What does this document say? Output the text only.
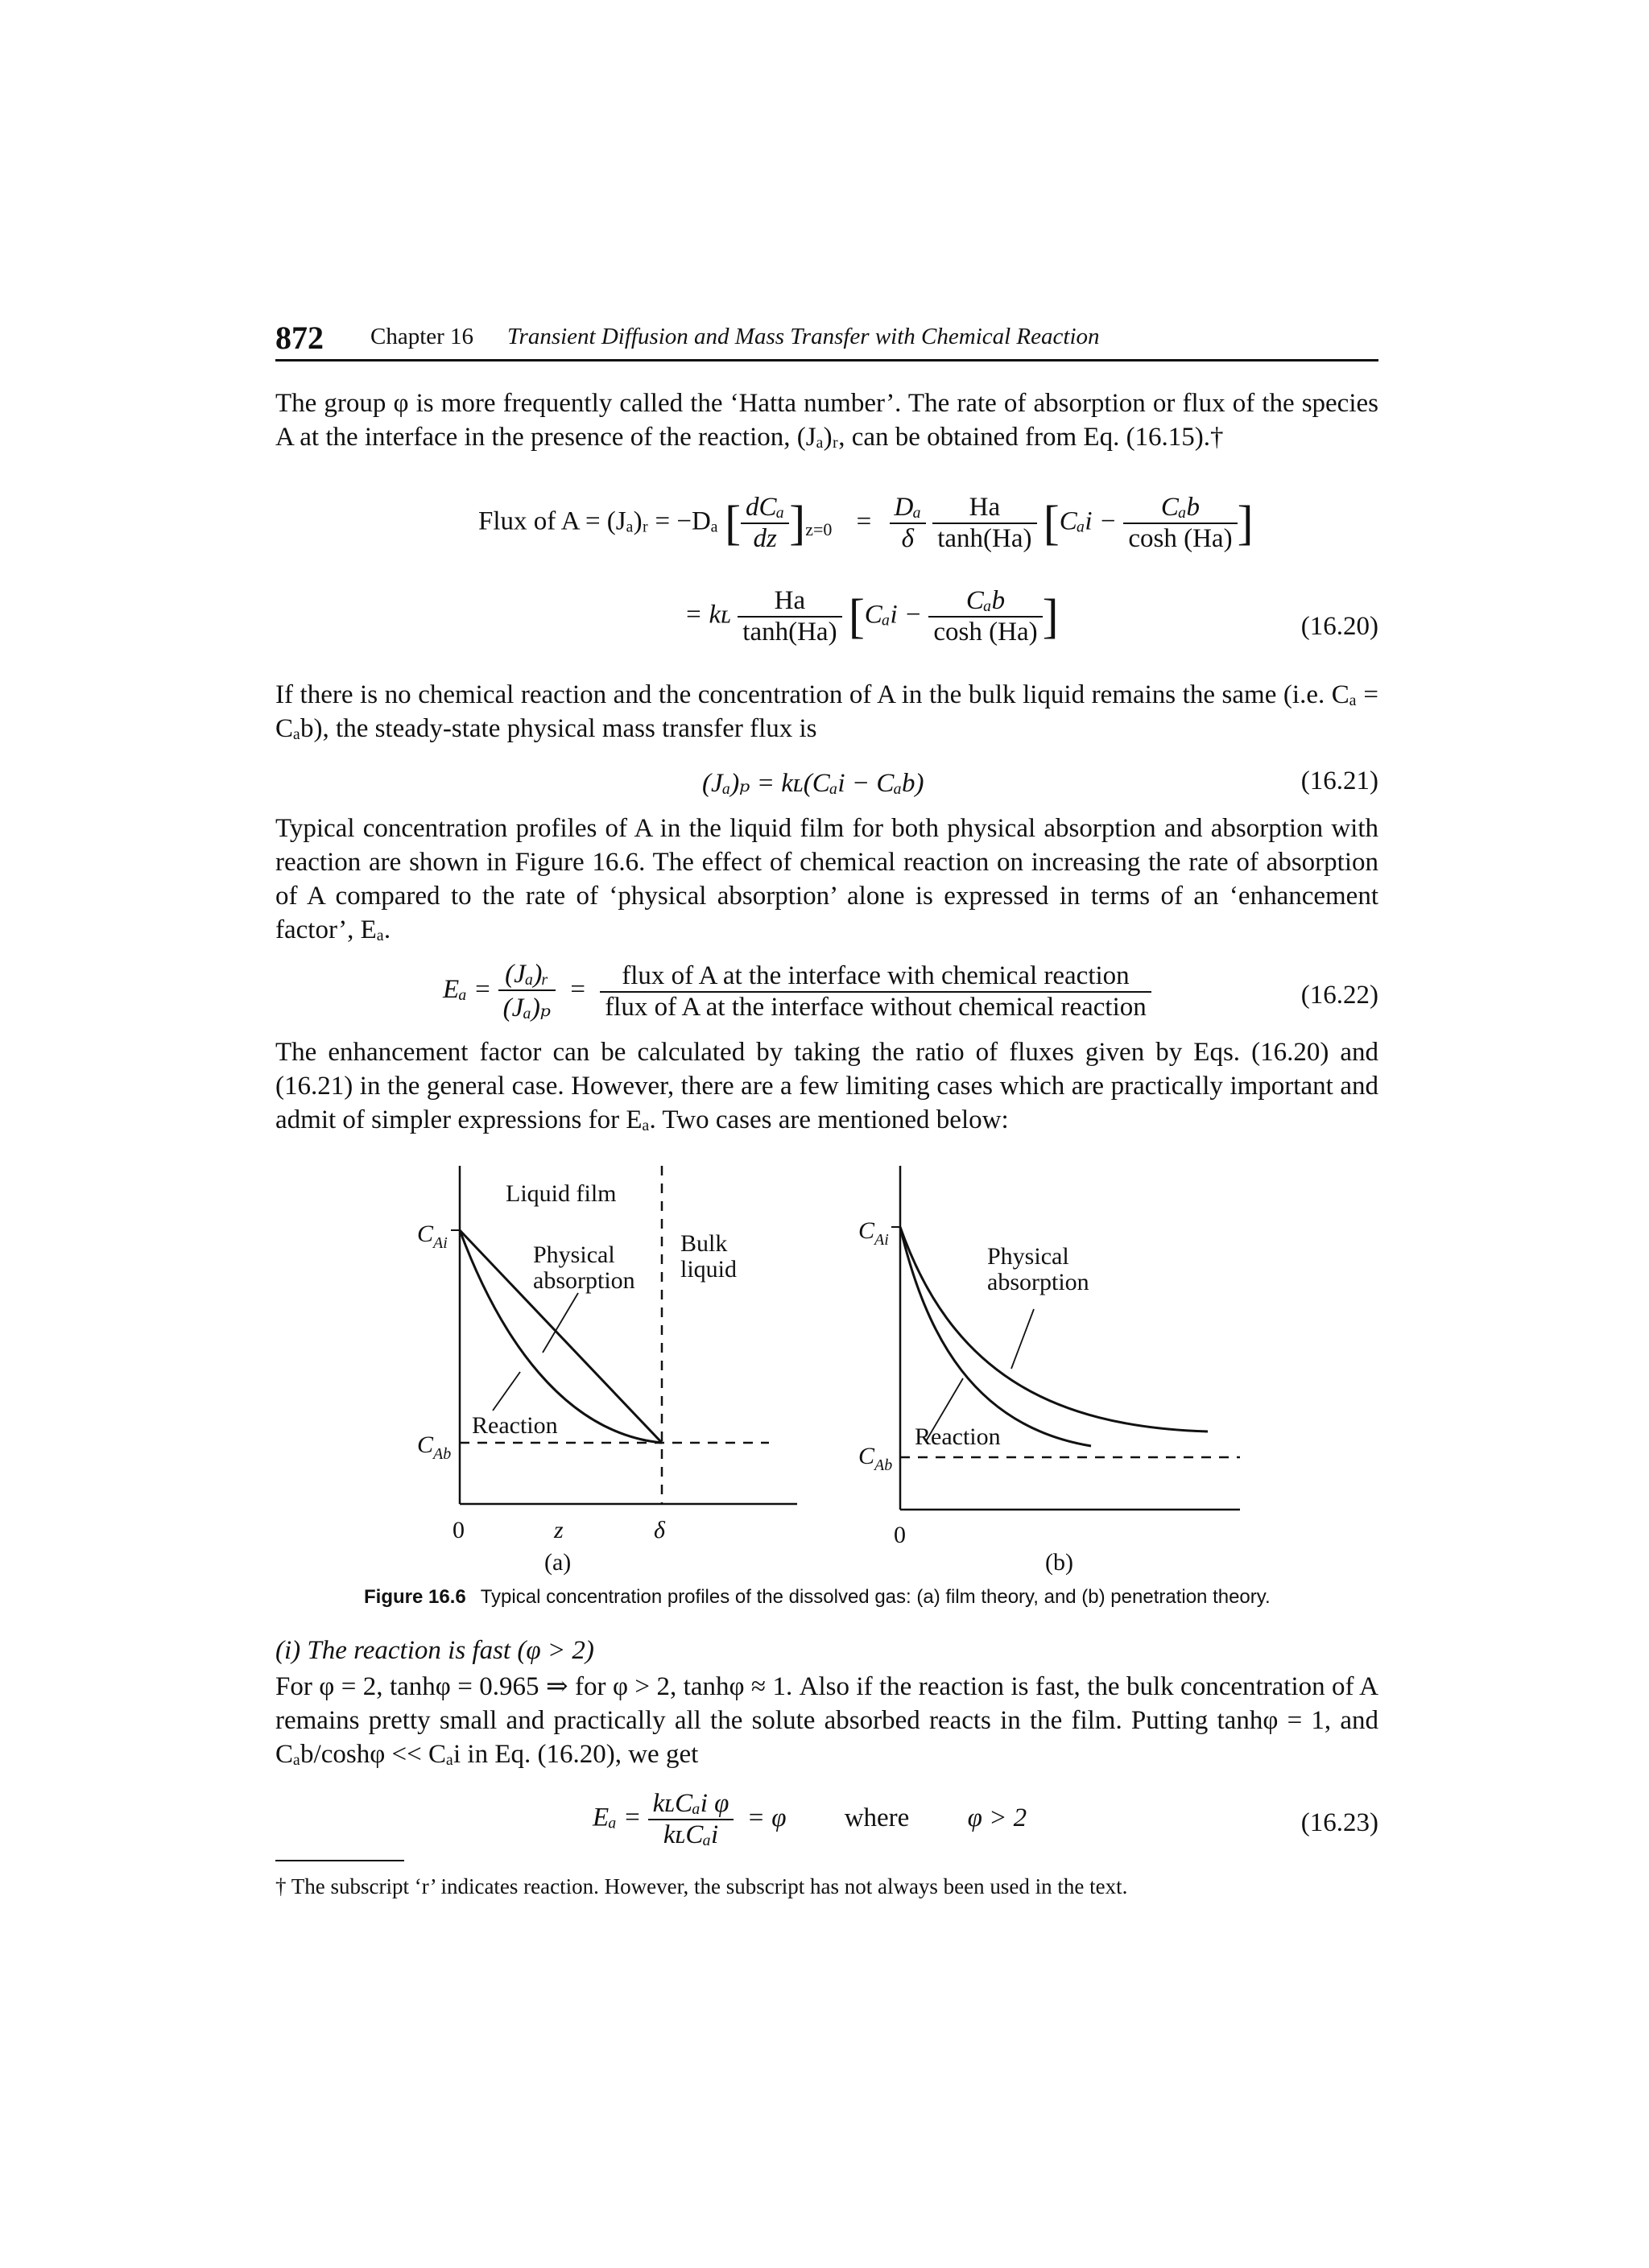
872 Chapter 16 Transient Diffusion and Mass Transfer with Chemical Reaction
The group φ is more frequently called the ‘Hatta number’. The rate of absorption or flux of the species A at the interface in the presence of the reaction, (Jₐ)ᵣ, can be obtained from Eq. (16.15).†
Flux of A = (Jₐ)ᵣ = −Dₐ [ $\frac{\text{dCₐ}}{dz} ]_{z=0} = \frac{\text{Dₐ}}{\delta}$
$\frac{Ha}{\tanh(Ha)} [C_ai - \frac{\text{Cₐb}}{\cosh (Ha)}$ ]
= kʟ $\frac{Ha}{\tanh(Ha)} [C_ai - \frac{\text{Cₐb}}{\cosh (Ha)}$ ]	(16.20)
If there is no chemical reaction and the concentration of A in the bulk liquid remains the same (i.e. Cₐ = Cₐb), the steady-state physical mass transfer flux is
(Jₐ)ₚ = kʟ(Cₐi − Cₐb)	(16.21)
Typical concentration profiles of A in the liquid film for both physical absorption and absorption with reaction are shown in Figure 16.6. The effect of chemical reaction on increasing the rate of absorption of A compared to the rate of ‘physical absorption’ alone is expressed in terms of an ‘enhancement factor’, Eₐ.
$E_a = \frac{\text{(Jₐ)ᵣ}}{\text{(Jₐ)ₚ}} = \frac{\text{flux of A at the interface with chemical reaction}}{\text{flux of A at the interface without chemical reaction}}$	(16.22)
The enhancement factor can be calculated by taking the ratio of fluxes given by Eqs. (16.20) and (16.21) in the general case. However, there are a few limiting cases which are practically important and admit of simpler expressions for Eₐ. Two cases are mentioned below:
Liquid film
Physical
absorption
Bulk
liquid
Reaction
$C_{Ai}$
$C_{Ab}$
0	z	δ
(a)
Physical
absorption
Reaction
$C_{Ai}$
$C_{Ab}$
0
(b)
Figure 16.6 Typical concentration profiles of the dissolved gas: (a) film theory, and (b) penetration theory.
(i) The reaction is fast (φ > 2)
For φ = 2, tanhφ = 0.965 ⇒ for φ > 2, tanhφ ≈ 1. Also if the reaction is fast, the bulk concentration of A remains pretty small and practically all the solute absorbed reacts in the film. Putting tanhφ = 1, and Cₐb/coshφ << Cₐi in Eq. (16.20), we get
$E_a = \frac{\text{kʟCₐi φ}}{\text{kʟCₐi}} = \varphi$ where φ > 2	(16.23)
† The subscript ‘r’ indicates reaction. However, the subscript has not always been used in the text.
